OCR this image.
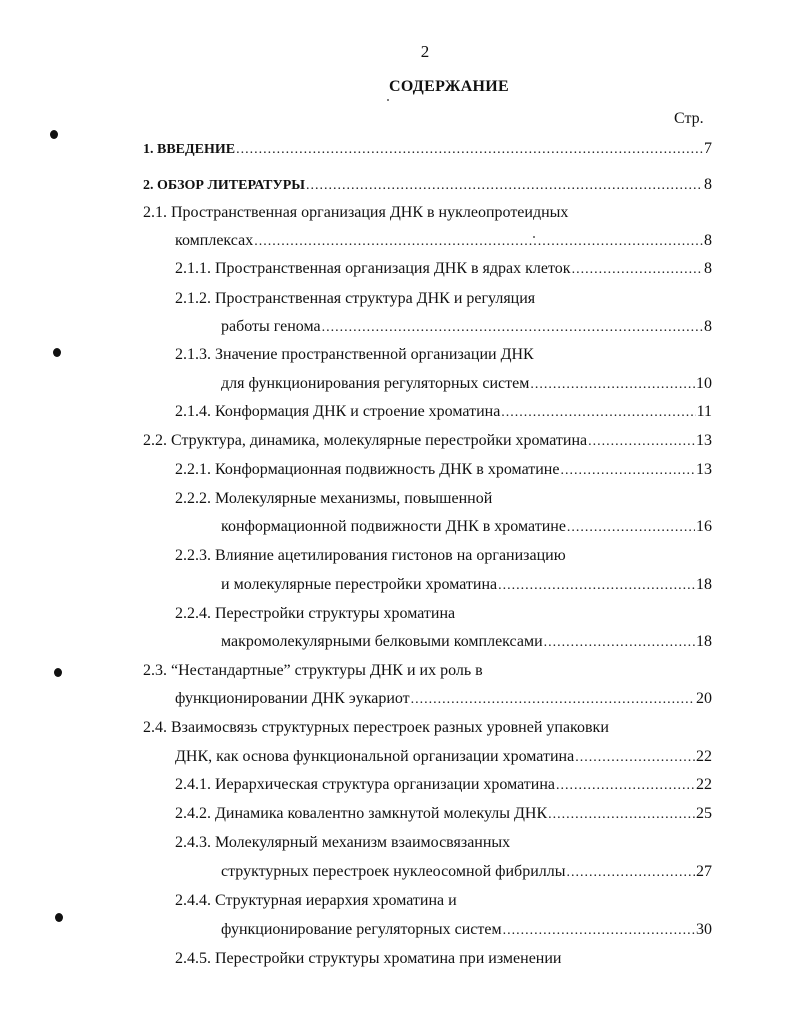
2
СОДЕРЖАНИЕ
Стр.
1. ВВЕДЕНИЕ .....	7
2. ОБЗОР ЛИТЕРАТУРЫ .....	8
2.1. Пространственная организация ДНК в нуклеопротеидных
комплексах .....	8
2.1.1. Пространственная организация ДНК в ядрах клеток .....	8
2.1.2. Пространственная структура ДНК и регуляция
работы генома .....	8
2.1.3. Значение пространственной организации ДНК
для функционирования регуляторных систем .....	10
2.1.4. Конформация ДНК и строение хроматина .....	11
2.2. Структура, динамика, молекулярные перестройки хроматина .....	13
2.2.1. Конформационная подвижность ДНК в хроматине .....	13
2.2.2. Молекулярные механизмы, повышенной
конформационной подвижности ДНК в хроматине .....	16
2.2.3. Влияние ацетилирования гистонов на организацию
и молекулярные перестройки хроматина .....	18
2.2.4. Перестройки структуры хроматина
макромолекулярными белковыми комплексами .....	18
2.3. “Нестандартные” структуры ДНК и их роль в
функционировании ДНК эукариот .....	20
2.4. Взаимосвязь структурных перестроек разных уровней упаковки
ДНК, как основа функциональной организации хроматина .....	22
2.4.1. Иерархическая структура организации хроматина .....	22
2.4.2. Динамика ковалентно замкнутой молекулы ДНК .....	25
2.4.3. Молекулярный механизм взаимосвязанных
структурных перестроек нуклеосомной фибриллы .....	27
2.4.4. Структурная иерархия хроматина и
функционирование регуляторных систем .....	30
2.4.5. Перестройки структуры хроматина при изменении
